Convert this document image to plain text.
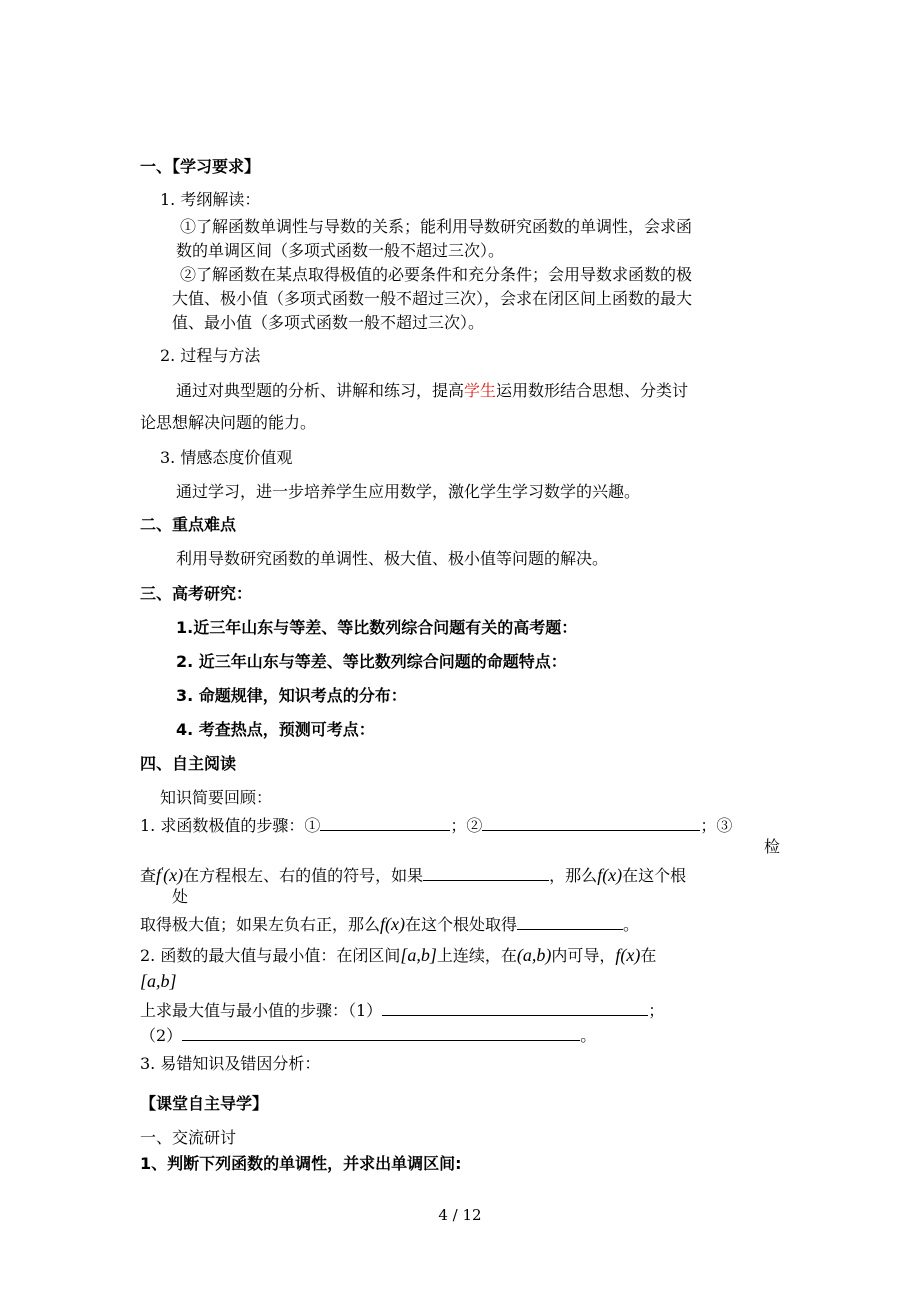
一、【学习要求】
1. 考纲解读：
①了解函数单调性与导数的关系；能利用导数研究函数的单调性，会求函
数的单调区间（多项式函数一般不超过三次）。
②了解函数在某点取得极值的必要条件和充分条件；会用导数求函数的极
大值、极小值（多项式函数一般不超过三次），会求在闭区间上函数的最大
值、最小值（多项式函数一般不超过三次）。
2. 过程与方法
通过对典型题的分析、讲解和练习，提高学生运用数形结合思想、分类讨
论思想解决问题的能力。
3. 情感态度价值观
通过学习，进一步培养学生应用数学，激化学生学习数学的兴趣。
二、重点难点
利用导数研究函数的单调性、极大值、极小值等问题的解决。
三、高考研究：
1.近三年山东与等差、等比数列综合问题有关的高考题：
2. 近三年山东与等差、等比数列综合问题的命题特点：
3. 命题规律，知识考点的分布：
4. 考查热点，预测可考点：
四、自主阅读
知识简要回顾：
1. 求函数极值的步骤：①	；②	；③
检
查f'(x)在方程根左、右的值的符号，如果	，那么f(x)在这个根
处
取得极大值；如果左负右正，那么f(x)在这个根处取得	。
2. 函数的最大值与最小值：在闭区间[a,b]上连续，在(a,b)内可导，f(x)在
[a,b]
上求最大值与最小值的步骤：（1）	；
（2）	。
3. 易错知识及错因分析：
【课堂自主导学】
一、交流研讨
1、判断下列函数的单调性，并求出单调区间:
4 / 12
